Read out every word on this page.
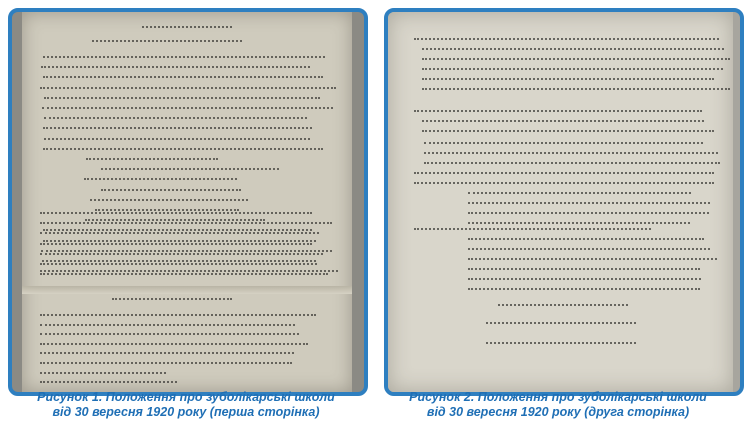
Рисунок 1. Положення про зуболікарські школи
від 30 вересня 1920 року (перша сторінка)
Рисунок 2. Положення про зуболікарські школи
від 30 вересня 1920 року (друга сторінка)
